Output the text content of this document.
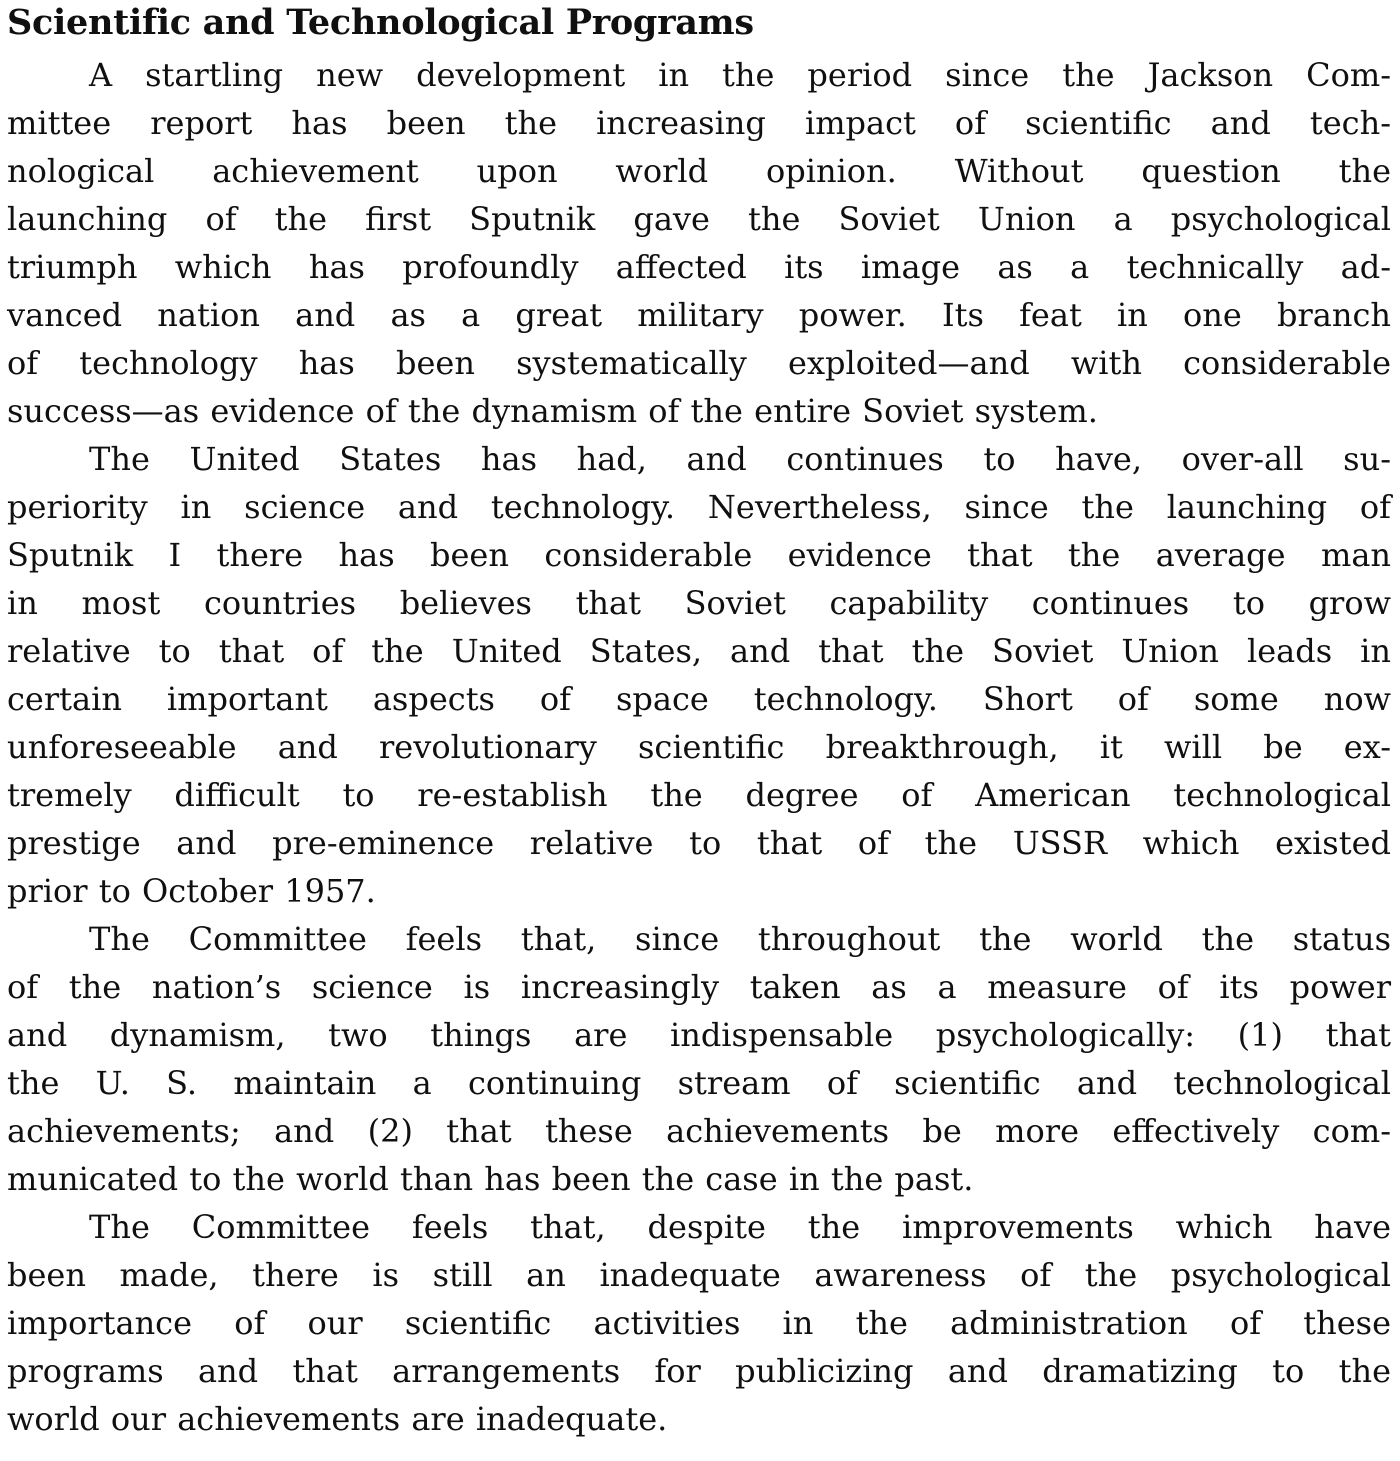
Scientific and Technological Programs
A startling new development in the period since the Jackson Com-
mittee report has been the increasing impact of scientific and tech-
nological achievement upon world opinion. Without question the
launching of the first Sputnik gave the Soviet Union a psychological
triumph which has profoundly affected its image as a technically ad-
vanced nation and as a great military power. Its feat in one branch
of technology has been systematically exploited—and with considerable
success—as evidence of the dynamism of the entire Soviet system.
The United States has had, and continues to have, over-all su-
periority in science and technology. Nevertheless, since the launching of
Sputnik I there has been considerable evidence that the average man
in most countries believes that Soviet capability continues to grow
relative to that of the United States, and that the Soviet Union leads in
certain important aspects of space technology. Short of some now
unforeseeable and revolutionary scientific breakthrough, it will be ex-
tremely difficult to re-establish the degree of American technological
prestige and pre-eminence relative to that of the USSR which existed
prior to October 1957.
The Committee feels that, since throughout the world the status
of the nation’s science is increasingly taken as a measure of its power
and dynamism, two things are indispensable psychologically: (1) that
the U. S. maintain a continuing stream of scientific and technological
achievements; and (2) that these achievements be more effectively com-
municated to the world than has been the case in the past.
The Committee feels that, despite the improvements which have
been made, there is still an inadequate awareness of the psychological
importance of our scientific activities in the administration of these
programs and that arrangements for publicizing and dramatizing to the
world our achievements are inadequate.
